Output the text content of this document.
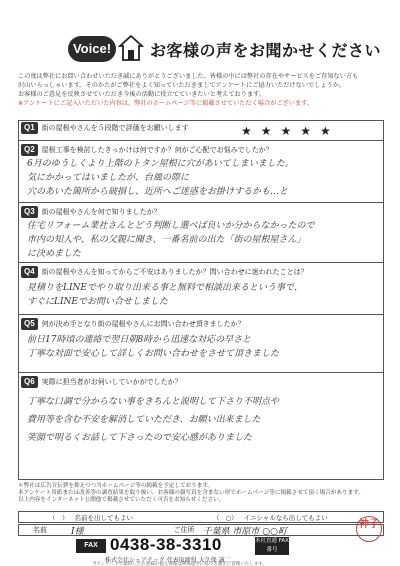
Voice!	お客様の声をお聞かせください

この度は弊社にお問い合わせいただき誠にありがとうございました。皆様の中には弊社の存在やサービスをご存知ない方も

沢山いらっしゃいます。そのかたがご弊社をよく知っていただきましてアンケートにご協力いただけないでしょうか。

お客様のご意見を反映させていただき今後の活動に役立てていきたいと考えております。

※アンケートにご記入いただいた内容は、弊社のホームページ等に掲載させていただく場合がございます。

Q1	街の屋根やさんを５段階で評価をお願いします	★★★★★
Q2	屋根工事を検討したきっかけは何ですか？何がご心配でお悩みでしたか？
6月のゆうしくより上階のトタン屋根に穴があいてしまいました。
気にかかってはいましたが、台風の際に
穴のあいた箇所から破損し、近所へご迷惑をお掛けするかも…と
Q3	街の屋根やさんを何で知りましたか？
住宅リフォーム業社さんとどう判断し選べば良いか分からなかったので
市内の知人や、私の父親に聞き、一番名前の出た「街の屋根屋さん」
に決めました
Q4	街の屋根やさんを知ってからご不安はありましたか？問い合わせに迷われたことは？
見積りをLINEでやり取り出来る事と無料で相談出来るという事で、
すぐにLINEでお問い合せしました
Q5	何が決め手となり街の屋根やさんにお問い合わせ頂きましたか？
前日17時頃の連絡で翌日朝8時から迅速な対応の早さと
丁寧な対面で安心して詳しくお問い合わせをさせて頂きました
Q6	実際に担当者がお伺いしていかがでしたか？
丁寧な口調で分からない事をきちんと説明して下さり不明点や
費用等を含む不安を解消していただき、お願い出来ました
笑顔で明るくお話して下さったので安心感がありました

＊弊社は広告宣伝費を抑えつつ当ホームページ等の掲載を予定しております。

本アンケート用紙または改善等の調査結果を取り扱い、お客様の顔写真を含まない形でホームページ等に掲載させて頂く場合があります。

以上内容をインターネット公開他で掲載させていただく可否をお知らせください。

（　） 名前を出してもよい	（ ○） イニシャルなら出してもよい
名前	I様	ご住所 千葉県 市原市 ○○町
FAX 0438-38-3310	本社直通 FAX番号
株式会社シェアテック 代表取締役 大久保 誠二
当アンケートで取得したお客様の個人情報は関係法令に基づき適正に管理いたします。
神子
